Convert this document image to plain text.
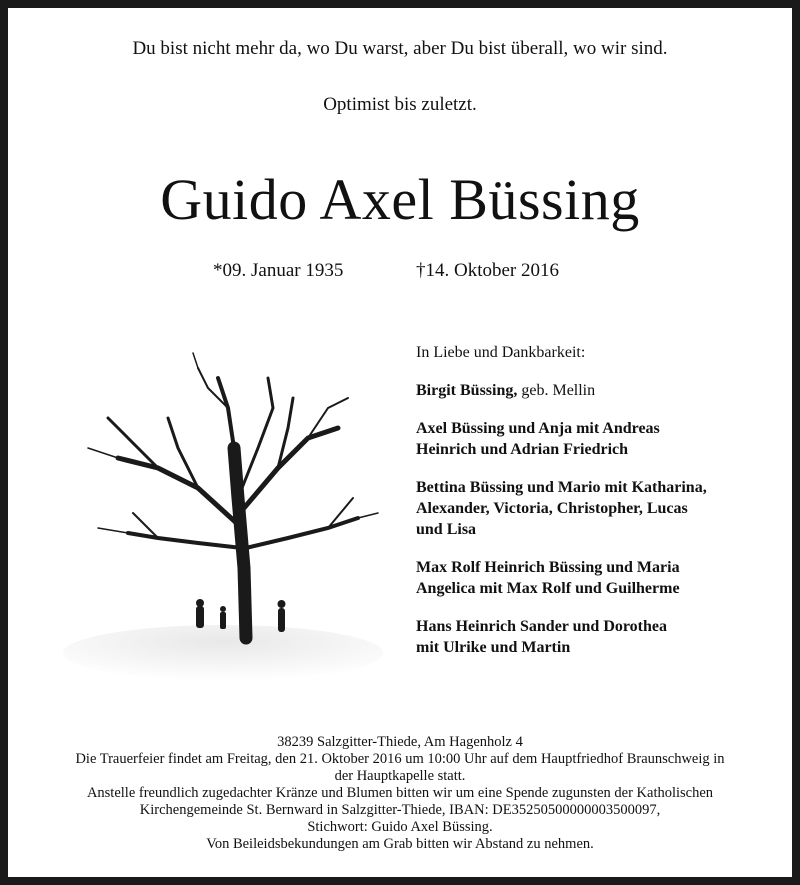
Du bist nicht mehr da, wo Du warst, aber Du bist überall, wo wir sind.
Optimist bis zuletzt.
Guido Axel Büssing
*09. Januar 1935	†14. Oktober 2016
In Liebe und Dankbarkeit:
Birgit Büssing, geb. Mellin
Axel Büssing und Anja mit Andreas
Heinrich und Adrian Friedrich
Bettina Büssing und Mario mit Katharina,
Alexander, Victoria, Christopher, Lucas
und Lisa
Max Rolf Heinrich Büssing und Maria
Angelica mit Max Rolf und Guilherme
Hans Heinrich Sander und Dorothea
mit Ulrike und Martin
38239 Salzgitter-Thiede, Am Hagenholz 4
Die Trauerfeier findet am Freitag, den 21. Oktober 2016 um 10:00 Uhr auf dem Hauptfriedhof Braunschweig in
der Hauptkapelle statt.
Anstelle freundlich zugedachter Kränze und Blumen bitten wir um eine Spende zugunsten der Katholischen
Kirchengemeinde St. Bernward in Salzgitter-Thiede, IBAN: DE35250500000003500097,
Stichwort: Guido Axel Büssing.
Von Beileidsbekundungen am Grab bitten wir Abstand zu nehmen.
